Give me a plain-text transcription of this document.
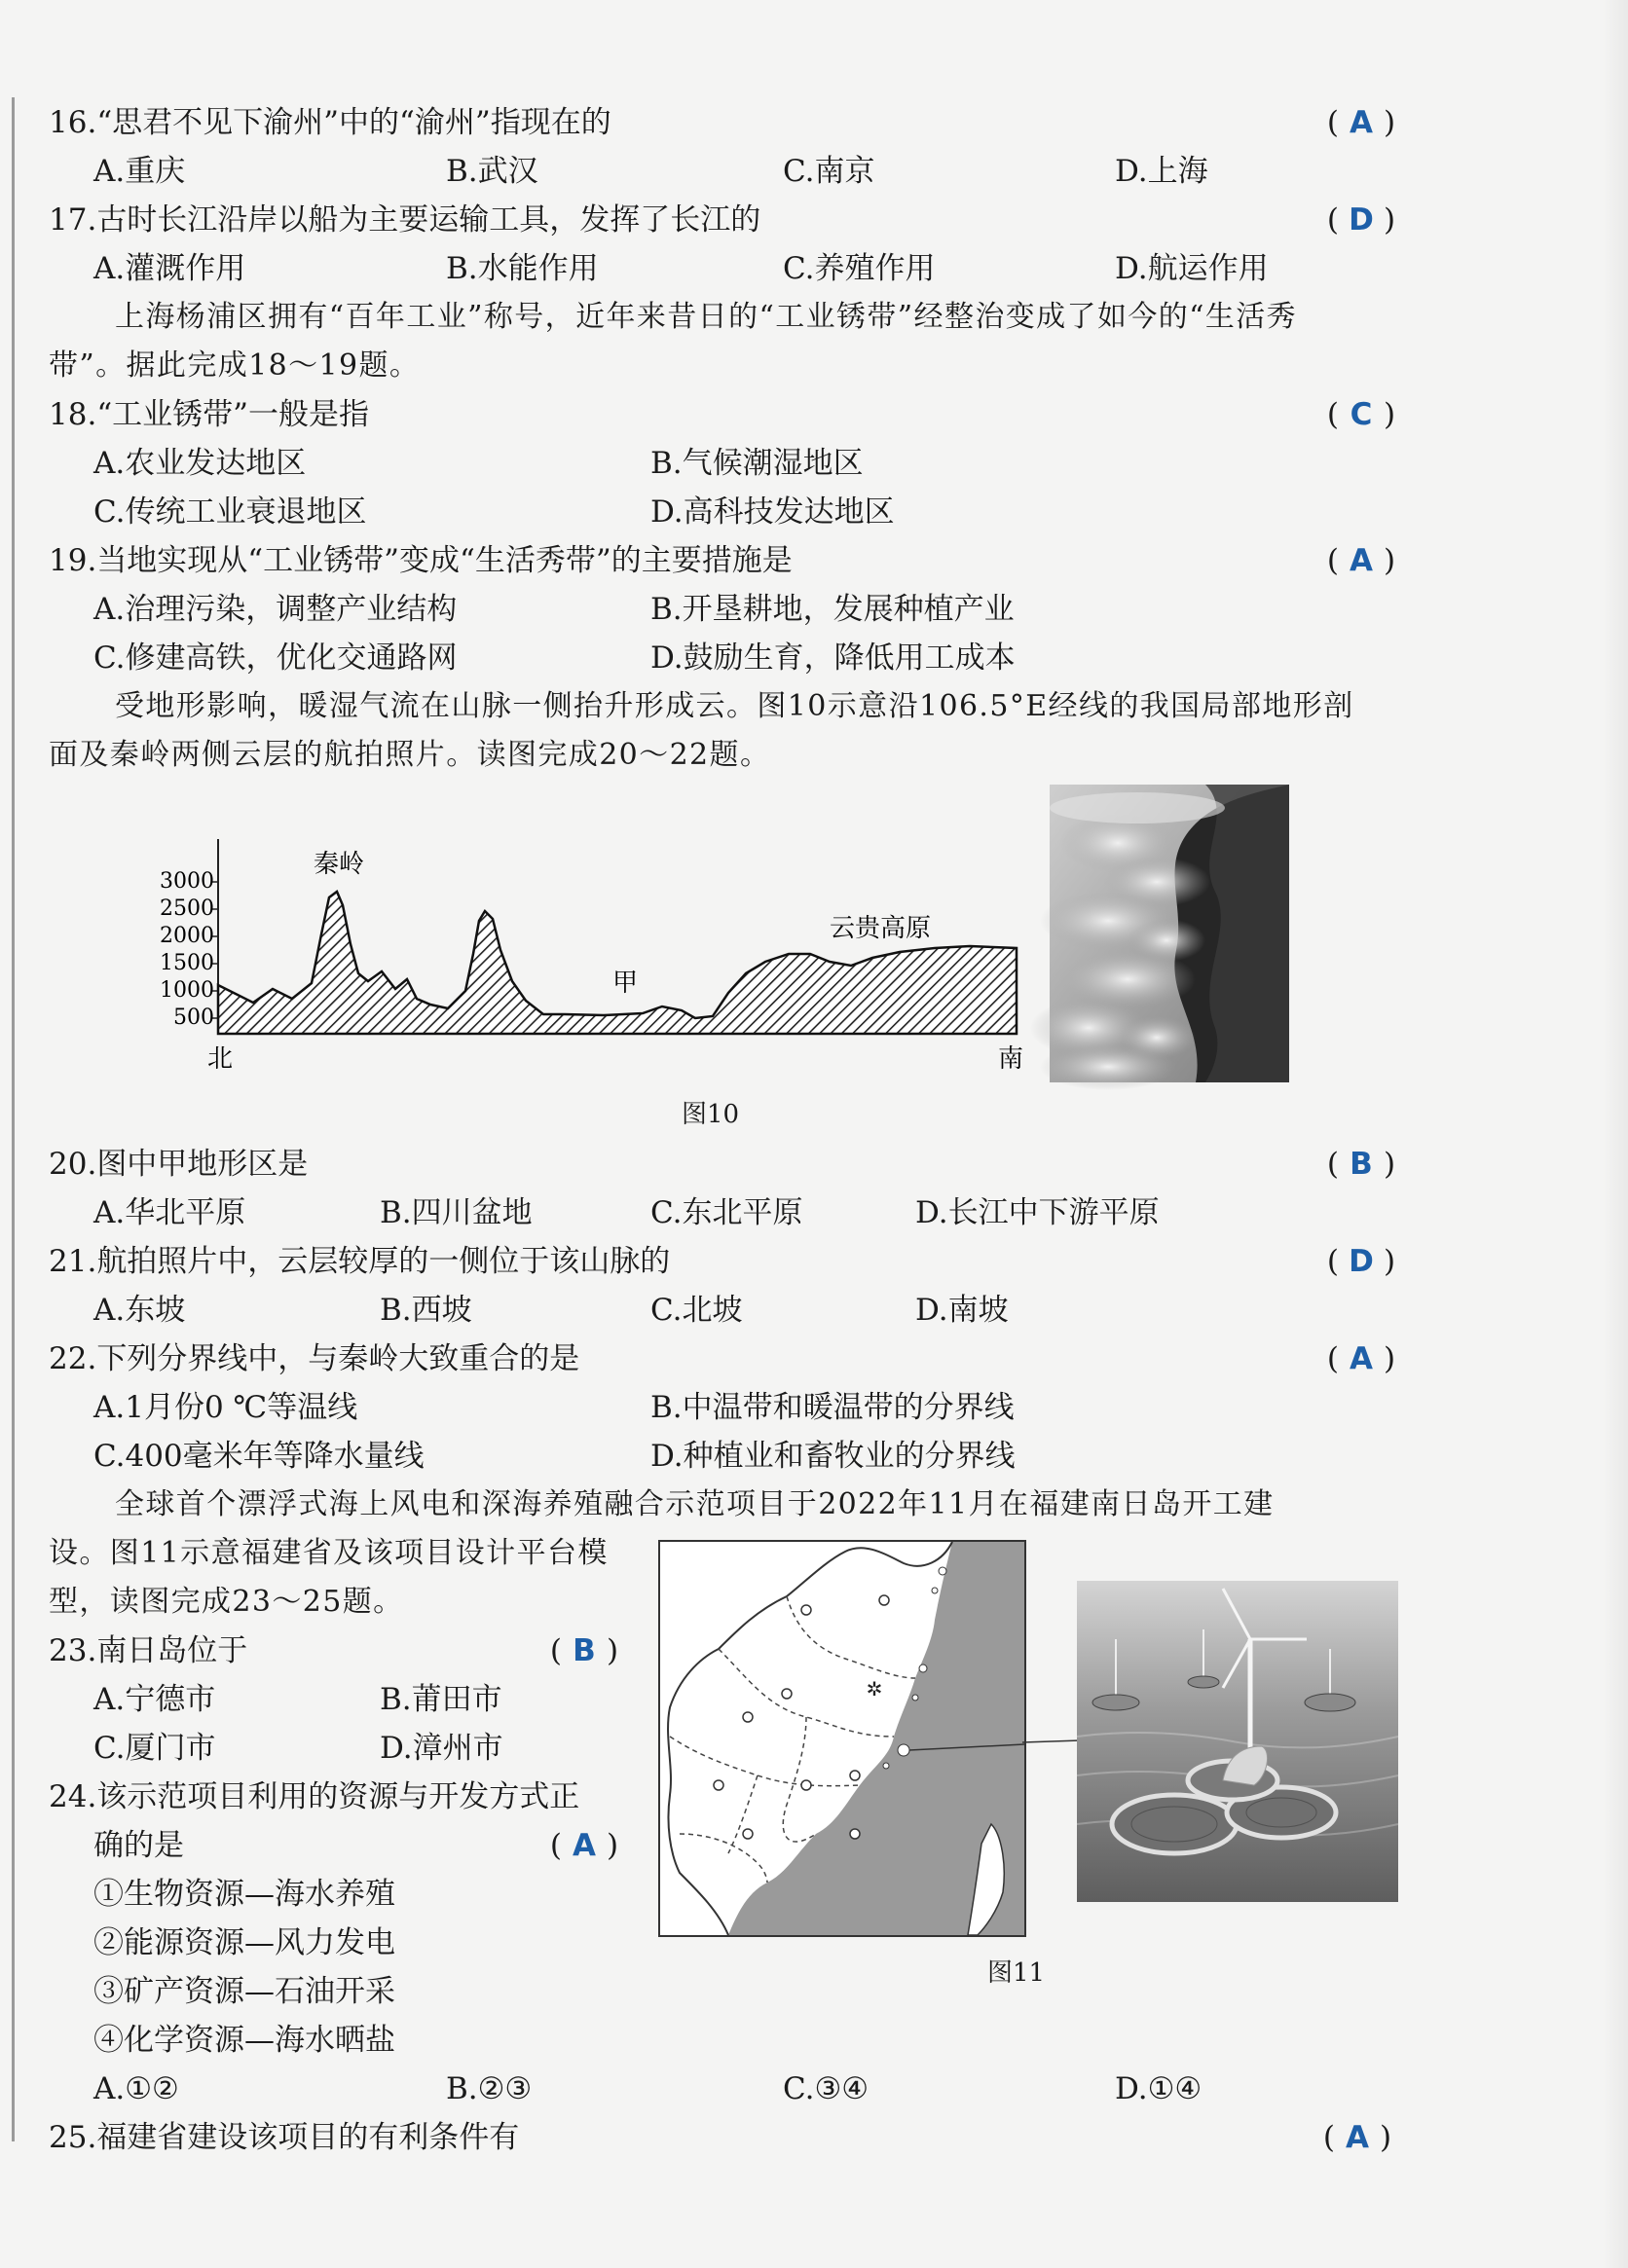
16.“思君不见下渝州”中的“渝州”指现在的	( A )
A.重庆	B.武汉	C.南京	D.上海
17.古时长江沿岸以船为主要运输工具，发挥了长江的	( D )
A.灌溉作用	B.水能作用	C.养殖作用	D.航运作用
上海杨浦区拥有“百年工业”称号，近年来昔日的“工业锈带”经整治变成了如今的“生活秀
带”。据此完成18～19题。
18.“工业锈带”一般是指	( C )
A.农业发达地区	B.气候潮湿地区
C.传统工业衰退地区	D.高科技发达地区
19.当地实现从“工业锈带”变成“生活秀带”的主要措施是	( A )
A.治理污染，调整产业结构	B.开垦耕地，发展种植产业
C.修建高铁，优化交通路网	D.鼓励生育，降低用工成本
受地形影响，暖湿气流在山脉一侧抬升形成云。图10示意沿106.5°E经线的我国局部地形剖
面及秦岭两侧云层的航拍照片。读图完成20～22题。
3000
2500
2000
1500
1000
500
秦岭
云贵高原
甲
北	南
图10
20.图中甲地形区是	( B )
A.华北平原	B.四川盆地	C.东北平原	D.长江中下游平原
21.航拍照片中，云层较厚的一侧位于该山脉的	( D )
A.东坡	B.西坡	C.北坡	D.南坡
22.下列分界线中，与秦岭大致重合的是	( A )
A.1月份0 ℃等温线	B.中温带和暖温带的分界线
C.400毫米年等降水量线	D.种植业和畜牧业的分界线
全球首个漂浮式海上风电和深海养殖融合示范项目于2022年11月在福建南日岛开工建
设。图11示意福建省及该项目设计平台模
型，读图完成23～25题。
✲
图11
23.南日岛位于	( B )
A.宁德市	B.莆田市
C.厦门市	D.漳州市
24.该示范项目利用的资源与开发方式正
确的是	( A )
①生物资源—海水养殖
②能源资源—风力发电
③矿产资源—石油开采
④化学资源—海水晒盐
A.①②	B.②③	C.③④	D.①④
25.福建省建设该项目的有利条件有	( A )
